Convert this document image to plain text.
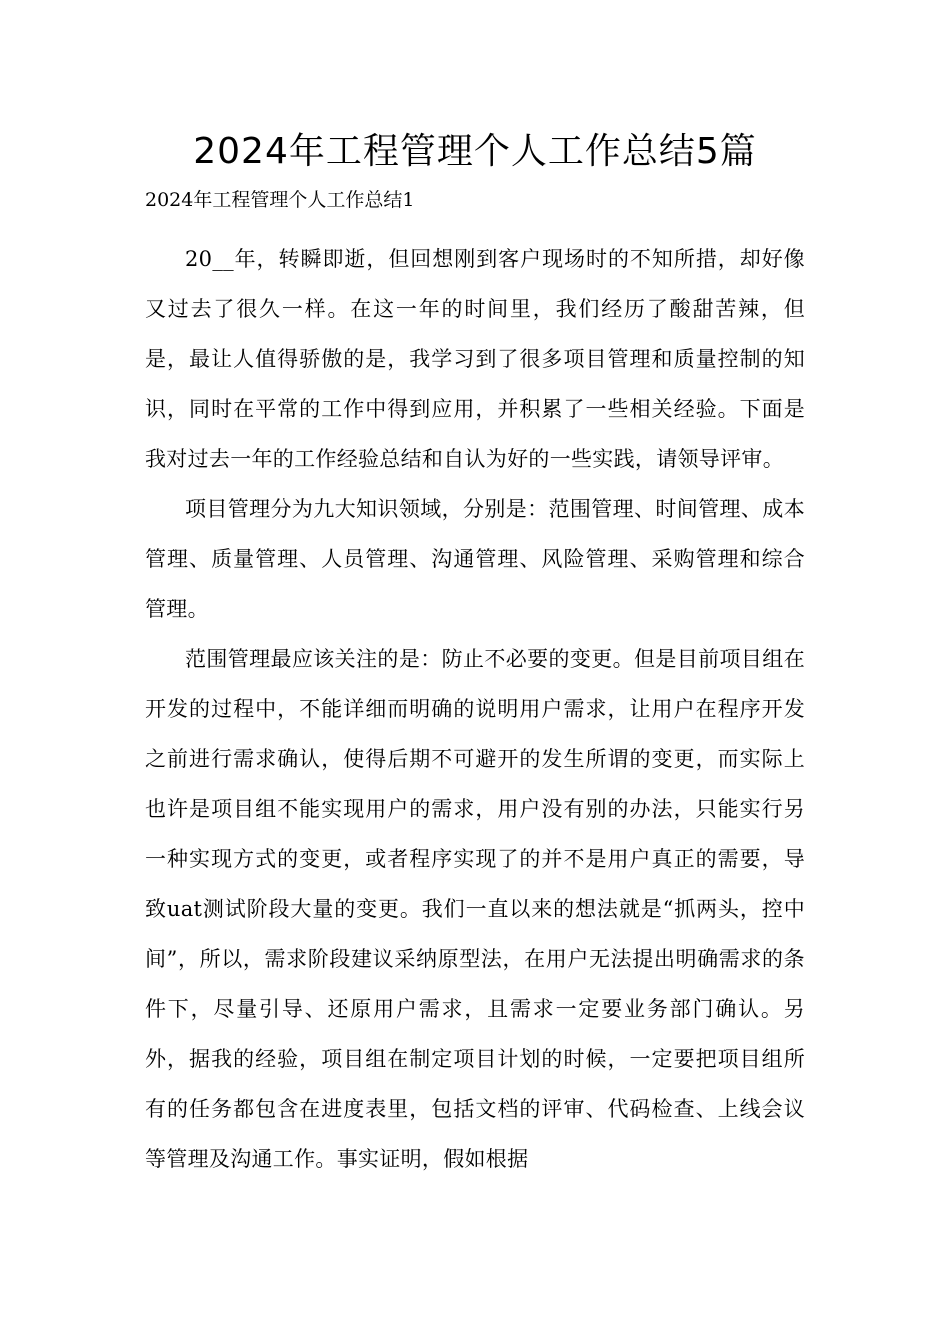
2024年工程管理个人工作总结5篇

2024年工程管理个人工作总结1

20__年，转瞬即逝，但回想刚到客户现场时的不知所措，却好像又过去了很久一样。在这一年的时间里，我们经历了酸甜苦辣，但是，最让人值得骄傲的是，我学习到了很多项目管理和质量控制的知识，同时在平常的工作中得到应用，并积累了一些相关经验。下面是我对过去一年的工作经验总结和自认为好的一些实践，请领导评审。

项目管理分为九大知识领域，分别是：范围管理、时间管理、成本管理、质量管理、人员管理、沟通管理、风险管理、采购管理和综合管理。

范围管理最应该关注的是：防止不必要的变更。但是目前项目组在开发的过程中，不能详细而明确的说明用户需求，让用户在程序开发之前进行需求确认，使得后期不可避开的发生所谓的变更，而实际上也许是项目组不能实现用户的需求，用户没有别的办法，只能实行另一种实现方式的变更，或者程序实现了的并不是用户真正的需要，导致uat测试阶段大量的变更。我们一直以来的想法就是“抓两头，控中间”，所以，需求阶段建议采纳原型法，在用户无法提出明确需求的条件下，尽量引导、还原用户需求，且需求一定要业务部门确认。另外，据我的经验，项目组在制定项目计划的时候，一定要把项目组所有的任务都包含在进度表里，包括文档的评审、代码检查、上线会议等管理及沟通工作。事实证明，假如根据
